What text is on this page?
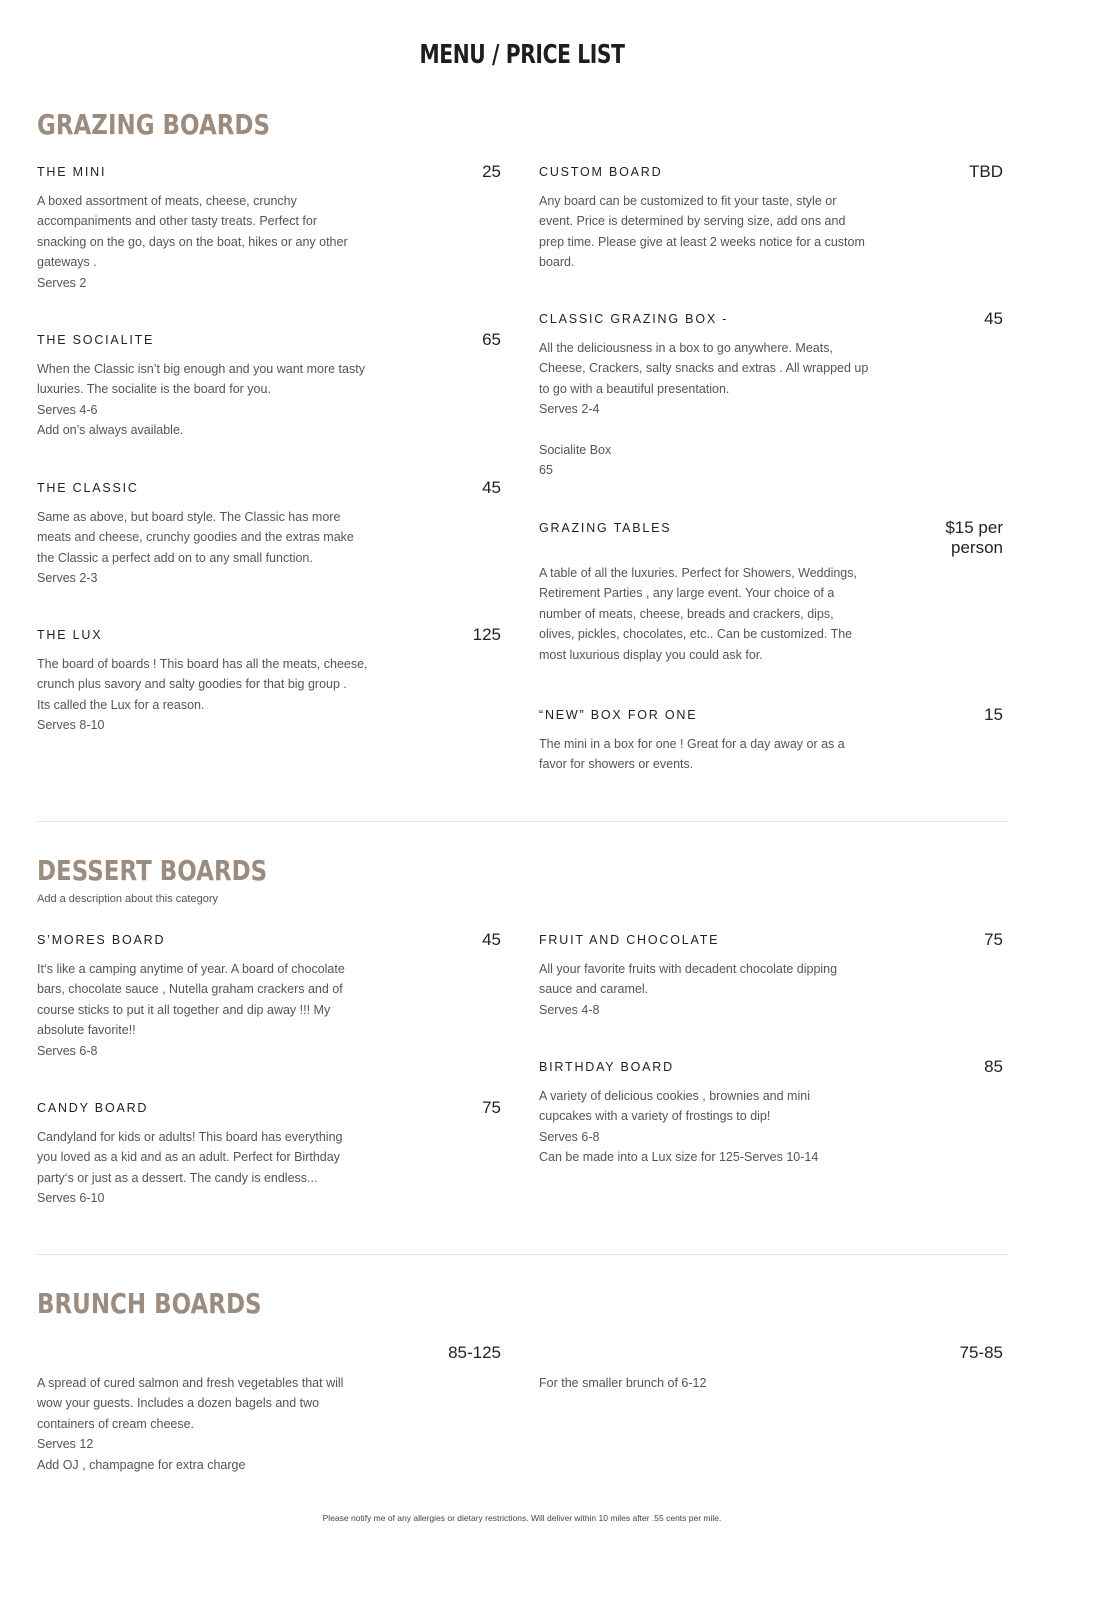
MENU / PRICE LIST
GRAZING BOARDS
THE MINI	25
A boxed assortment of meats, cheese, crunchy
accompaniments and other tasty treats. Perfect for
snacking on the go, days on the boat, hikes or any other
gateways .
Serves 2
THE SOCIALITE	65
When the Classic isn’t big enough and you want more tasty
luxuries. The socialite is the board for you.
Serves 4-6
Add on’s always available.
THE CLASSIC	45
Same as above, but board style. The Classic has more
meats and cheese, crunchy goodies and the extras make
the Classic a perfect add on to any small function.
Serves 2-3
THE LUX	125
The board of boards ! This board has all the meats, cheese,
crunch plus savory and salty goodies for that big group .
Its called the Lux for a reason.
Serves 8-10
CUSTOM BOARD	TBD
Any board can be customized to fit your taste, style or
event. Price is determined by serving size, add ons and
prep time. Please give at least 2 weeks notice for a custom
board.
CLASSIC GRAZING BOX -	45
All the deliciousness in a box to go anywhere. Meats,
Cheese, Crackers, salty snacks and extras . All wrapped up
to go with a beautiful presentation.
Serves 2-4

Socialite Box
65
GRAZING TABLES	$15 per
person
A table of all the luxuries. Perfect for Showers, Weddings,
Retirement Parties , any large event. Your choice of a
number of meats, cheese, breads and crackers, dips,
olives, pickles, chocolates, etc.. Can be customized. The
most luxurious display you could ask for.
“NEW” BOX FOR ONE	15
The mini in a box for one ! Great for a day away or as a
favor for showers or events.
DESSERT BOARDS
Add a description about this category
S’MORES BOARD	45
It‘s like a camping anytime of year. A board of chocolate
bars, chocolate sauce , Nutella graham crackers and of
course sticks to put it all together and dip away !!! My
absolute favorite!!
Serves 6-8
CANDY BOARD	75
Candyland for kids or adults! This board has everything
you loved as a kid and as an adult. Perfect for Birthday
party‘s or just as a dessert. The candy is endless...
Serves 6-10
FRUIT AND CHOCOLATE	75
All your favorite fruits with decadent chocolate dipping
sauce and caramel.
Serves 4-8
BIRTHDAY BOARD	85
A variety of delicious cookies , brownies and mini
cupcakes with a variety of frostings to dip!
Serves 6-8
Can be made into a Lux size for 125-Serves 10-14
BRUNCH BOARDS
85-125
A spread of cured salmon and fresh vegetables that will
wow your guests. Includes a dozen bagels and two
containers of cream cheese.
Serves 12
Add OJ , champagne for extra charge
75-85
For the smaller brunch of 6-12
Please notify me of any allergies or dietary restrictions. Will deliver within 10 miles after .55 cents per mile.
